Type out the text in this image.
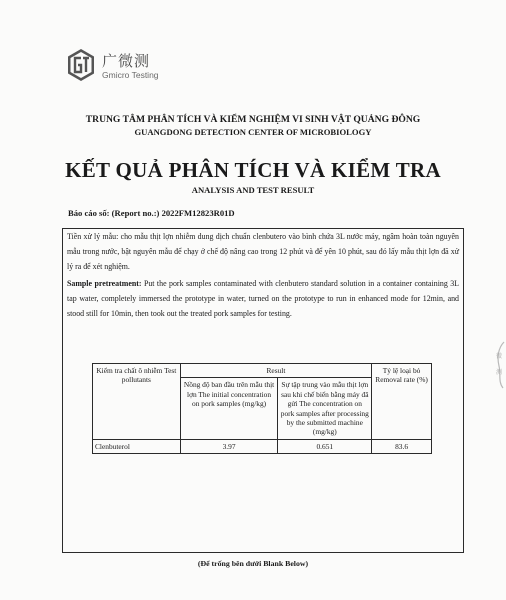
广微测
Gmicro Testing
TRUNG TÂM PHÂN TÍCH VÀ KIỂM NGHIỆM VI SINH VẬT QUẢNG ĐÔNG
GUANGDONG DETECTION CENTER OF MICROBIOLOGY
KẾT QUẢ PHÂN TÍCH VÀ KIỂM TRA
ANALYSIS AND TEST RESULT
Báo cáo số: (Report no.:) 2022FM12823R01D
Tiền xử lý mẫu: cho mẫu thịt lợn nhiễm dung dịch chuẩn clenbutero vào bình chứa 3L nước máy, ngâm hoàn toàn nguyên mẫu trong nước, bật nguyên mẫu để chạy ở chế độ nâng cao trong 12 phút và để yên 10 phút, sau đó lấy mẫu thịt lợn đã xử lý ra để xét nghiệm.
Sample pretreatment: Put the pork samples contaminated with clenbutero standard solution in a container containing 3L tap water, completely immersed the prototype in water, turned on the prototype to run in enhanced mode for 12min, and stood still for 10min, then took out the treated pork samples for testing.
Kiểm tra chất ô nhiễm Test pollutants	Result		Tỷ lệ loại bỏ Removal rate (%)
	Nồng độ ban đầu trên mẫu thịt lợn The initial concentration on pork samples (mg/kg)	Sự tập trung vào mẫu thịt lợn sau khi chế biến bằng máy đã gửi The concentration on pork samples after processing by the submitted machine (mg/kg)	
Clenbuterol	3.97	0.651	83.6
(Để trống bên dưới Blank Below)
微
测
